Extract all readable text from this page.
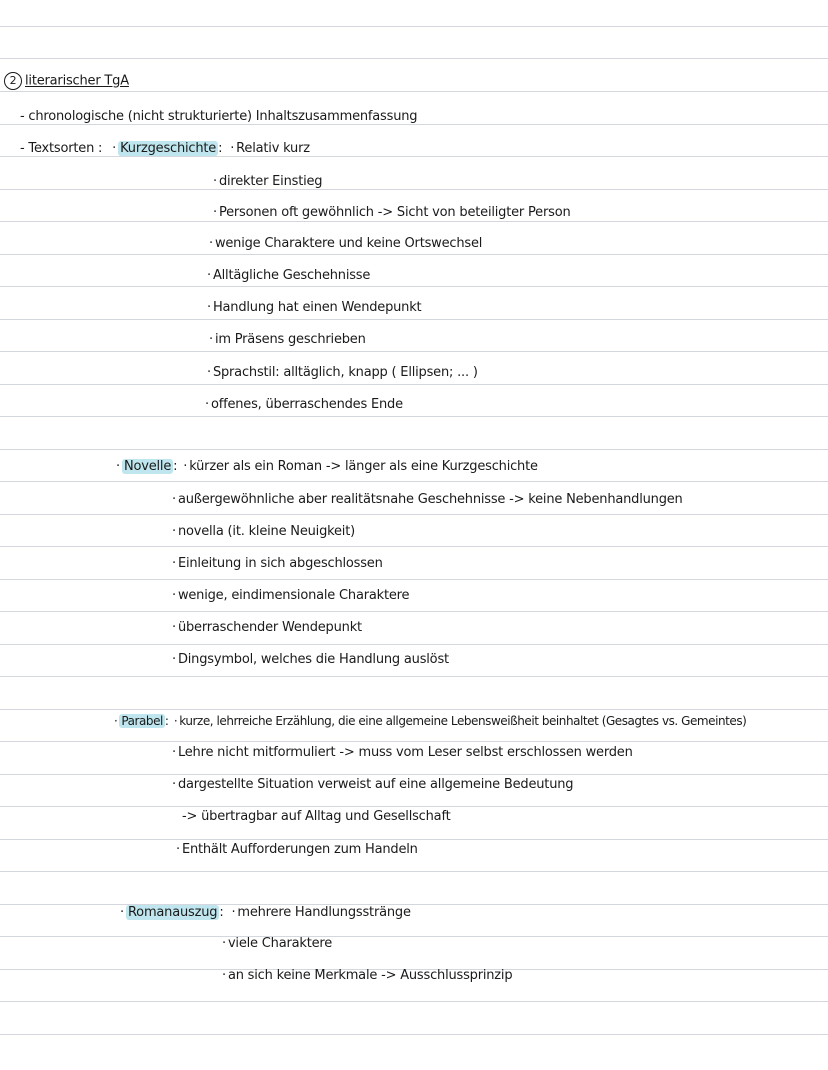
2 literarischer TgA
- chronologische (nicht strukturierte) Inhaltszusammenfassung
- Textsorten : · Kurzgeschichte : · Relativ kurz
· direkter Einstieg
· Personen oft gewöhnlich -> Sicht von beteiligter Person
· wenige Charaktere und keine Ortswechsel
· Alltägliche Geschehnisse
· Handlung hat einen Wendepunkt
· im Präsens geschrieben
· Sprachstil: alltäglich, knapp ( Ellipsen; ... )
· offenes, überraschendes Ende
· Novelle : · kürzer als ein Roman -> länger als eine Kurzgeschichte
· außergewöhnliche aber realitätsnahe Geschehnisse -> keine Nebenhandlungen
· novella (it. kleine Neuigkeit)
· Einleitung in sich abgeschlossen
· wenige, eindimensionale Charaktere
· überraschender Wendepunkt
· Dingsymbol, welches die Handlung auslöst
· Parabel : · kurze, lehrreiche Erzählung, die eine allgemeine Lebensweißheit beinhaltet (Gesagtes vs. Gemeintes)
· Lehre nicht mitformuliert -> muss vom Leser selbst erschlossen werden
· dargestellte Situation verweist auf eine allgemeine Bedeutung
-> übertragbar auf Alltag und Gesellschaft
· Enthält Aufforderungen zum Handeln
· Romanauszug : · mehrere Handlungsstränge
· viele Charaktere
· an sich keine Merkmale -> Ausschlussprinzip
